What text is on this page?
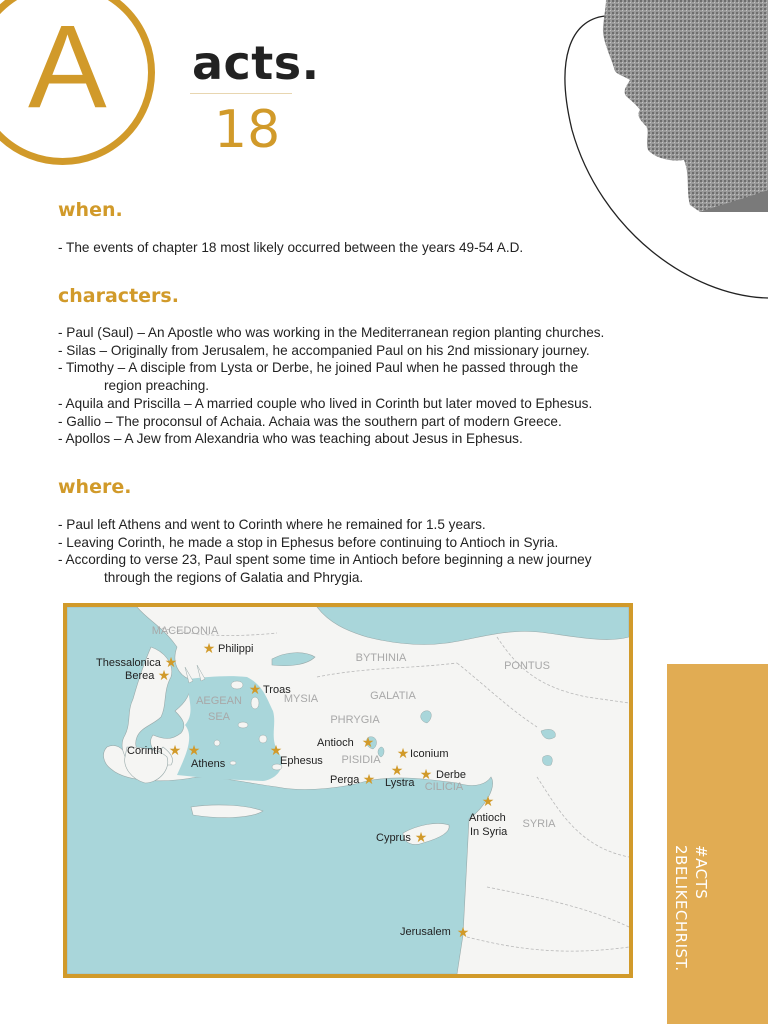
A acts.
18
when.
- The events of chapter 18 most likely occurred between the years 49-54 A.D.
characters.
- Paul (Saul) – An Apostle who was working in the Mediterranean region planting churches.
- Silas – Originally from Jerusalem, he accompanied Paul on his 2nd missionary journey.
- Timothy – A disciple from Lysta or Derbe, he joined Paul when he passed through the
region preaching.
- Aquila and Priscilla – A married couple who lived in Corinth but later moved to Ephesus.
- Gallio – The proconsul of Achaia. Achaia was the southern part of modern Greece.
- Apollos – A Jew from Alexandria who was teaching about Jesus in Ephesus.
where.
- Paul left Athens and went to Corinth where he remained for 1.5 years.
- Leaving Corinth, he made a stop in Ephesus before continuing to Antioch in Syria.
- According to verse 23, Paul spent some time in Antioch before beginning a new journey
through the regions of Galatia and Phrygia.
MACEDONIA
BYTHINIA
PONTUS
AEGEAN
SEA
MYSIA	GALATIA
PHRYGIA
PISIDIA
CILICIA
SYRIA
★
★
★
★
★ ★	★	★
★
★ ★
★
★
★
★
Philippi
Thessalonica
Berea
Troas
Corinth
Athens	Ephesus
Antioch
Iconium
Perga Lystra
Derbe
Antioch
In Syria
Cyprus
Jerusalem
#ACTS
2BELIKECHRIST.
